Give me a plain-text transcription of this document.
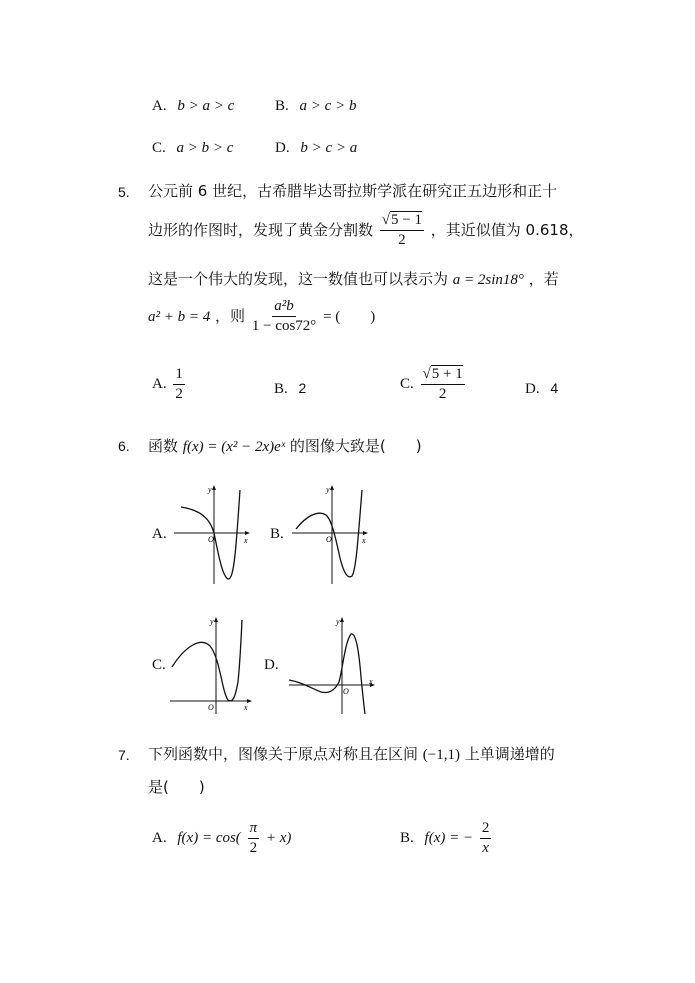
A. b > a > c	B. a > c > b
C. a > b > c	D. b > c > a
5. 公元前 6 世纪，古希腊毕达哥拉斯学派在研究正五边形和正十
边形的作图时，发现了黄金分割数 $\frac{√5 - 1}{2}$ ，其近似值为 0.618，
这是一个伟大的发现，这一数值也可以表示为 a = 2sin18° ，若
a² + b = 4 ，则 $\frac{\text{a²b}}{1 - \cos 72^\circ}$ = (　　)
A. $\frac{1}{2}$	B. 2	C. $\frac{√5 + 1}{2}$	D. 4
6. 函数 f(x) = (x² − 2x)eˣ 的图像大致是(　　)
A.	B.
C.	D.
y
x
O
y
x
O
y
x
O
y
x
O
7. 下列函数中，图像关于原点对称且在区间 (−1,1) 上单调递增的
是(　　)
A. $f(x) = \cos( \frac{\pi}{2} + x)$	B. f(x) = − $\frac{2}{x}$
